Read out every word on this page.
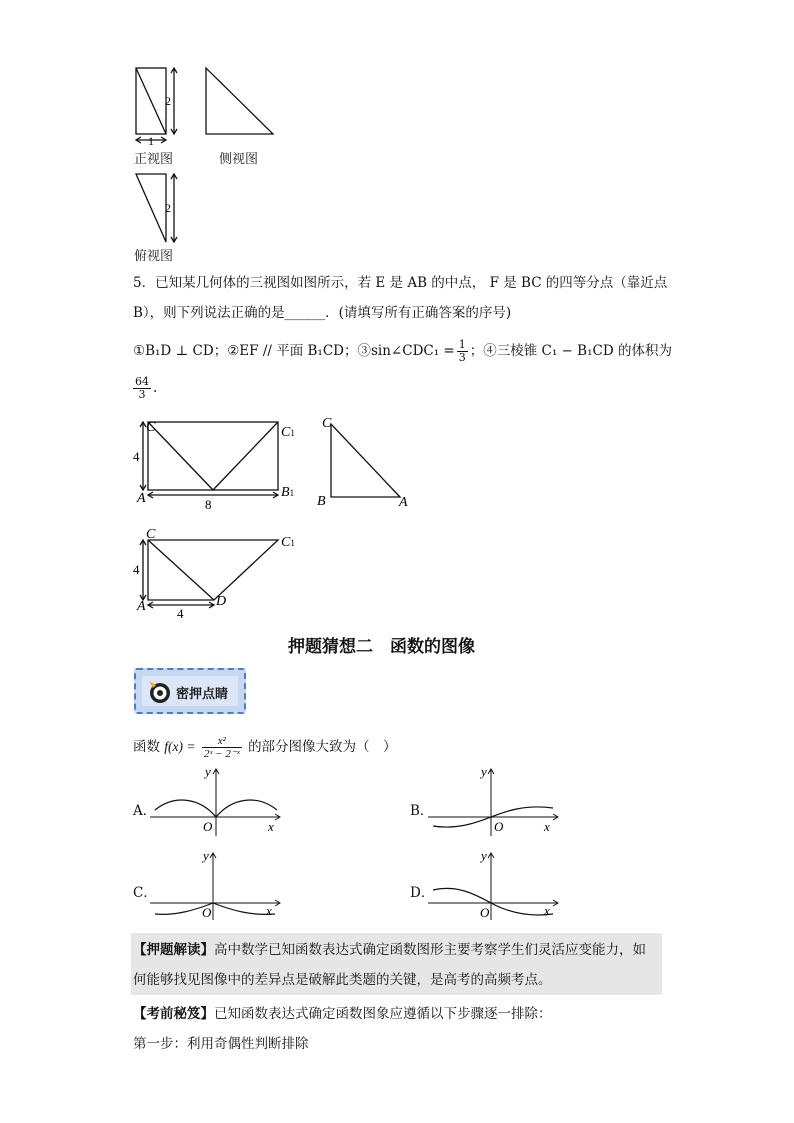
2
1
2
正视图	侧视图
俯视图
5．已知某几何体的三视图如图所示，若 E 是 AB 的中点， F 是 BC 的四等分点（靠近点
B），则下列说法正确的是______．(请填写所有正确答案的序号)
①B₁D ⊥ CD；②EF // 平面 B₁CD；③sin∠CDC₁ = $\frac{1}{3}$ ；④三棱锥 C₁ − B₁CD 的体积为
$\frac{64}{3}$ .
C	C1
A	B1
C
B	A
C
C1
A	D
4
8
4
4
押题猜想二　函数的图像
密押点睛
函数 $f(x) = \frac{\text{x²}}{\text{2ˣ − 2⁻ˣ}}$ 的部分图像大致为（　）
A．
x
y
O
B．
x
y
O
C．
x
y
O
D．
x
y
O
【押题解读】高中数学已知函数表达式确定函数图形主要考察学生们灵活应变能力，如
何能够找见图像中的差异点是破解此类题的关键，是高考的高频考点。
【考前秘笈】已知函数表达式确定函数图象应遵循以下步骤逐一排除：
第一步：利用奇偶性判断排除
